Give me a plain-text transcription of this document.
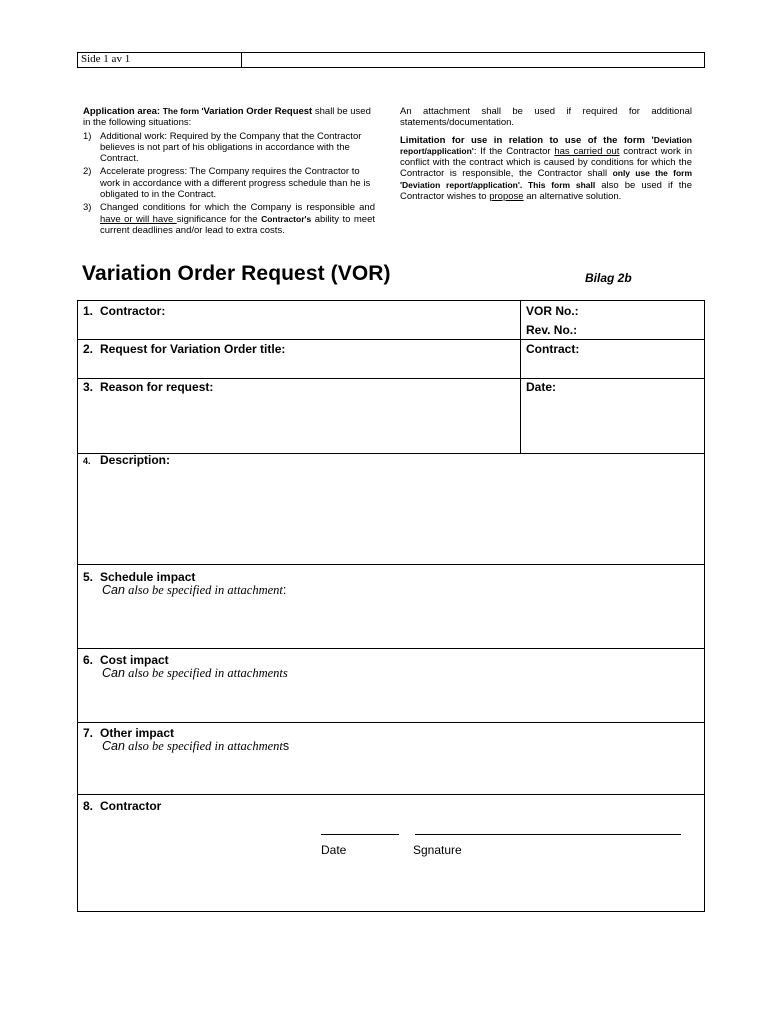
Side 1 av 1

Application area: The form 'Variation Order Request shall be used in the following situations:

1) Additional work: Required by the Company that the Contractor believes is not part of his obligations in accordance with the Contract.
2) Accelerate progress: The Company requires the Contractor to work in accordance with a different progress schedule than he is obligated to in the Contract.
3) Changed conditions for which the Company is responsible and have or will have significance for the Contractor's ability to meet current deadlines and/or lead to extra costs.

An attachment shall be used if required for additional statements/documentation.

Limitation for use in relation to use of the form 'Deviation report/application': If the Contractor has carried out contract work in conflict with the contract which is caused by conditions for which the Contractor is responsible, the Contractor shall only use the form 'Deviation report/application'. This form shall also be used if the Contractor wishes to propose an alternative solution.

Variation Order Request (VOR)	Bilag 2b
1. Contractor:	VOR No.:
Rev. No.:
2. Request for Variation Order title:	Contract:
3. Reason for request:	Date:
4. Description:
5. Schedule impact
Can also be specified in attachment:
6. Cost impact
Can also be specified in attachments
7. Other impact
Can also be specified in attachments
8. Contractor
Date	Sgnature
